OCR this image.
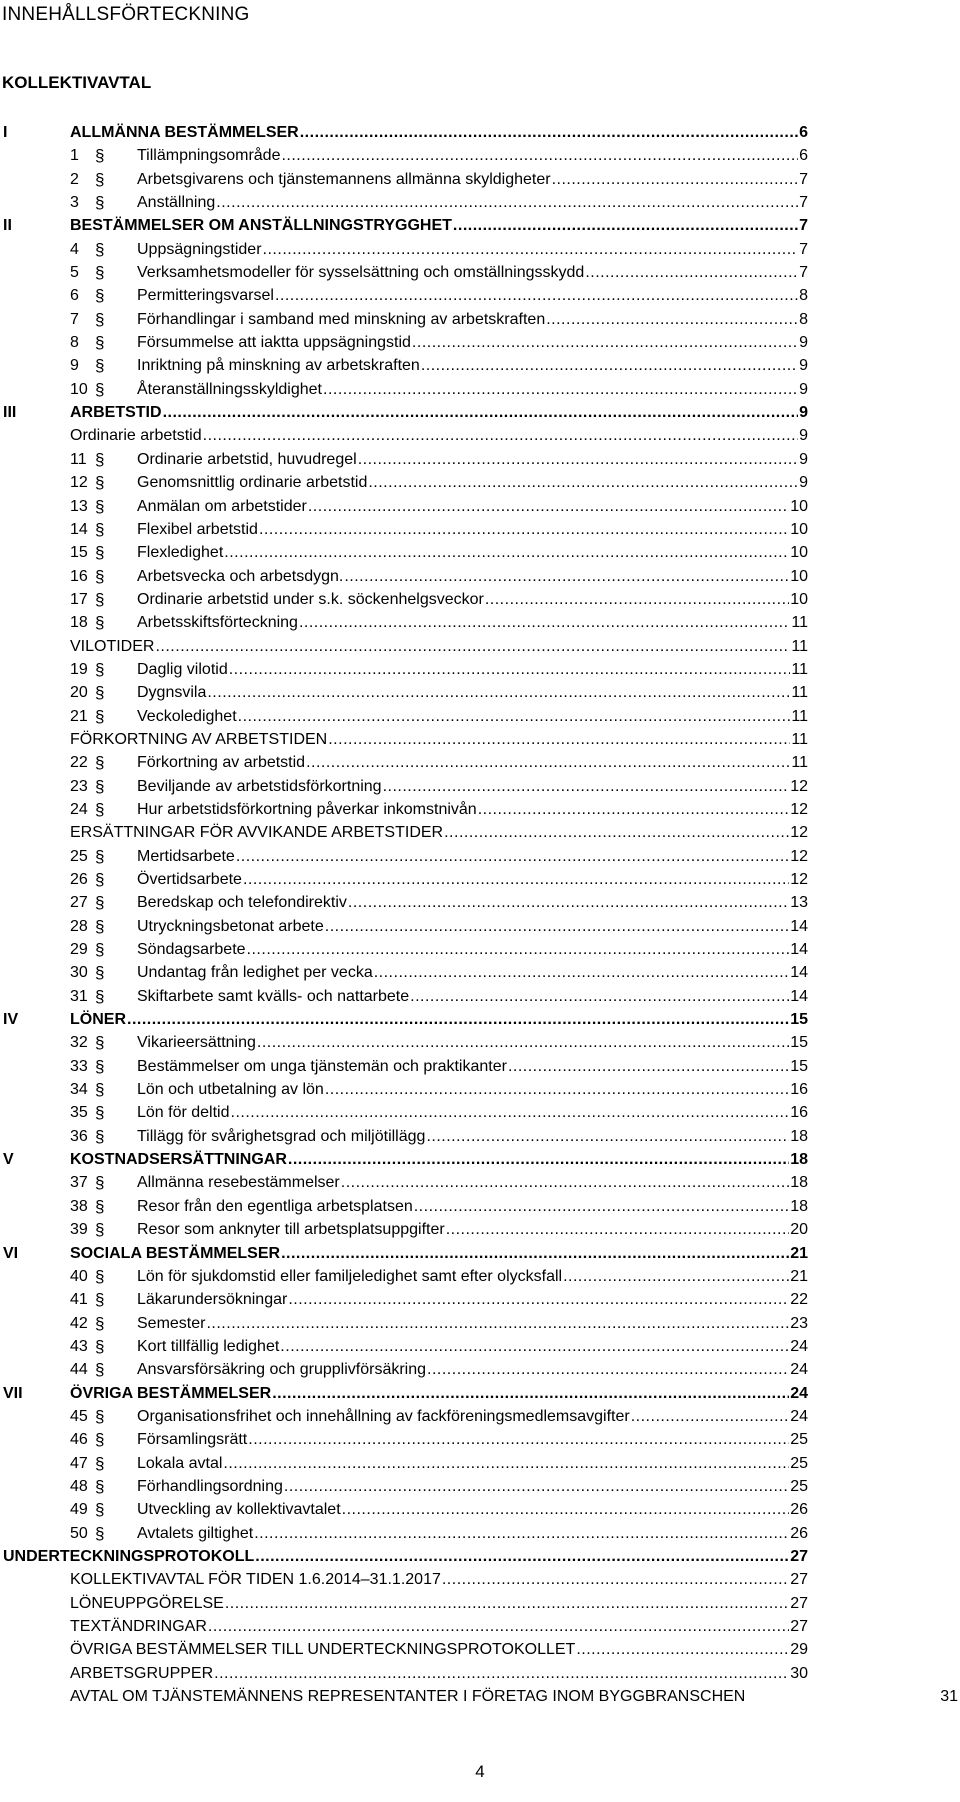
INNEHÅLLSFÖRTECKNING
KOLLEKTIVAVTAL
I	ALLMÄNNA BESTÄMMELSER .....	6
1 § Tillämpningsområde .....	6
2 § Arbetsgivarens och tjänstemannens allmänna skyldigheter .....	7
3 § Anställning .....	7
II	BESTÄMMELSER OM ANSTÄLLNINGSTRYGGHET .....	7
4 § Uppsägningstider .....	7
5 § Verksamhetsmodeller för sysselsättning och omställningsskydd .....	7
6 § Permitteringsvarsel .....	8
7 § Förhandlingar i samband med minskning av arbetskraften .....	8
8 § Försummelse att iaktta uppsägningstid .....	9
9 § Inriktning på minskning av arbetskraften .....	9
10 § Återanställningsskyldighet .....	9
III	ARBETSTID .....	9
Ordinarie arbetstid .....	9
11 § Ordinarie arbetstid, huvudregel .....	9
12 § Genomsnittlig ordinarie arbetstid .....	9
13 § Anmälan om arbetstider .....	10
14 § Flexibel arbetstid .....	10
15 § Flexledighet .....	10
16 § Arbetsvecka och arbetsdygn. .....	10
17 § Ordinarie arbetstid under s.k. söckenhelgsveckor .....	10
18 § Arbetsskiftsförteckning .....	11
VILOTIDER .....	11
19 § Daglig vilotid .....	11
20 § Dygnsvila .....	11
21 § Veckoledighet .....	11
FÖRKORTNING AV ARBETSTIDEN .....	11
22 § Förkortning av arbetstid .....	11
23 § Beviljande av arbetstidsförkortning .....	12
24 § Hur arbetstidsförkortning påverkar inkomstnivån .....	12
ERSÄTTNINGAR FÖR AVVIKANDE ARBETSTIDER .....	12
25 § Mertidsarbete .....	12
26 § Övertidsarbete .....	12
27 § Beredskap och telefondirektiv .....	13
28 § Utryckningsbetonat arbete .....	14
29 § Söndagsarbete .....	14
30 § Undantag från ledighet per vecka .....	14
31 § Skiftarbete samt kvälls- och nattarbete .....	14
IV	LÖNER .....	15
32 § Vikarieersättning .....	15
33 § Bestämmelser om unga tjänstemän och praktikanter .....	15
34 § Lön och utbetalning av lön .....	16
35 § Lön för deltid .....	16
36 § Tillägg för svårighetsgrad och miljötillägg .....	18
V	KOSTNADSERSÄTTNINGAR .....	18
37 § Allmänna resebestämmelser .....	18
38 § Resor från den egentliga arbetsplatsen .....	18
39 § Resor som anknyter till arbetsplatsuppgifter .....	20
VI	SOCIALA BESTÄMMELSER .....	21
40 § Lön för sjukdomstid eller familjeledighet samt efter olycksfall .....	21
41 § Läkarundersökningar .....	22
42 § Semester .....	23
43 § Kort tillfällig ledighet .....	24
44 § Ansvarsförsäkring och grupplivförsäkring .....	24
VII	ÖVRIGA BESTÄMMELSER .....	24
45 § Organisationsfrihet och innehållning av fackföreningsmedlemsavgifter .....	24
46 § Församlingsrätt .....	25
47 § Lokala avtal .....	25
48 § Förhandlingsordning .....	25
49 § Utveckling av kollektivavtalet .....	26
50 § Avtalets giltighet .....	26
UNDERTECKNINGSPROTOKOLL .....	27
KOLLEKTIVAVTAL FÖR TIDEN 1.6.2014–31.1.2017 .....	27
LÖNEUPPGÖRELSE .....	27
TEXTÄNDRINGAR .....	27
ÖVRIGA BESTÄMMELSER TILL UNDERTECKNINGSPROTOKOLLET .....	29
ARBETSGRUPPER .....	30
AVTAL OM TJÄNSTEMÄNNENS REPRESENTANTER I FÖRETAG INOM BYGGBRANSCHEN	31
4
